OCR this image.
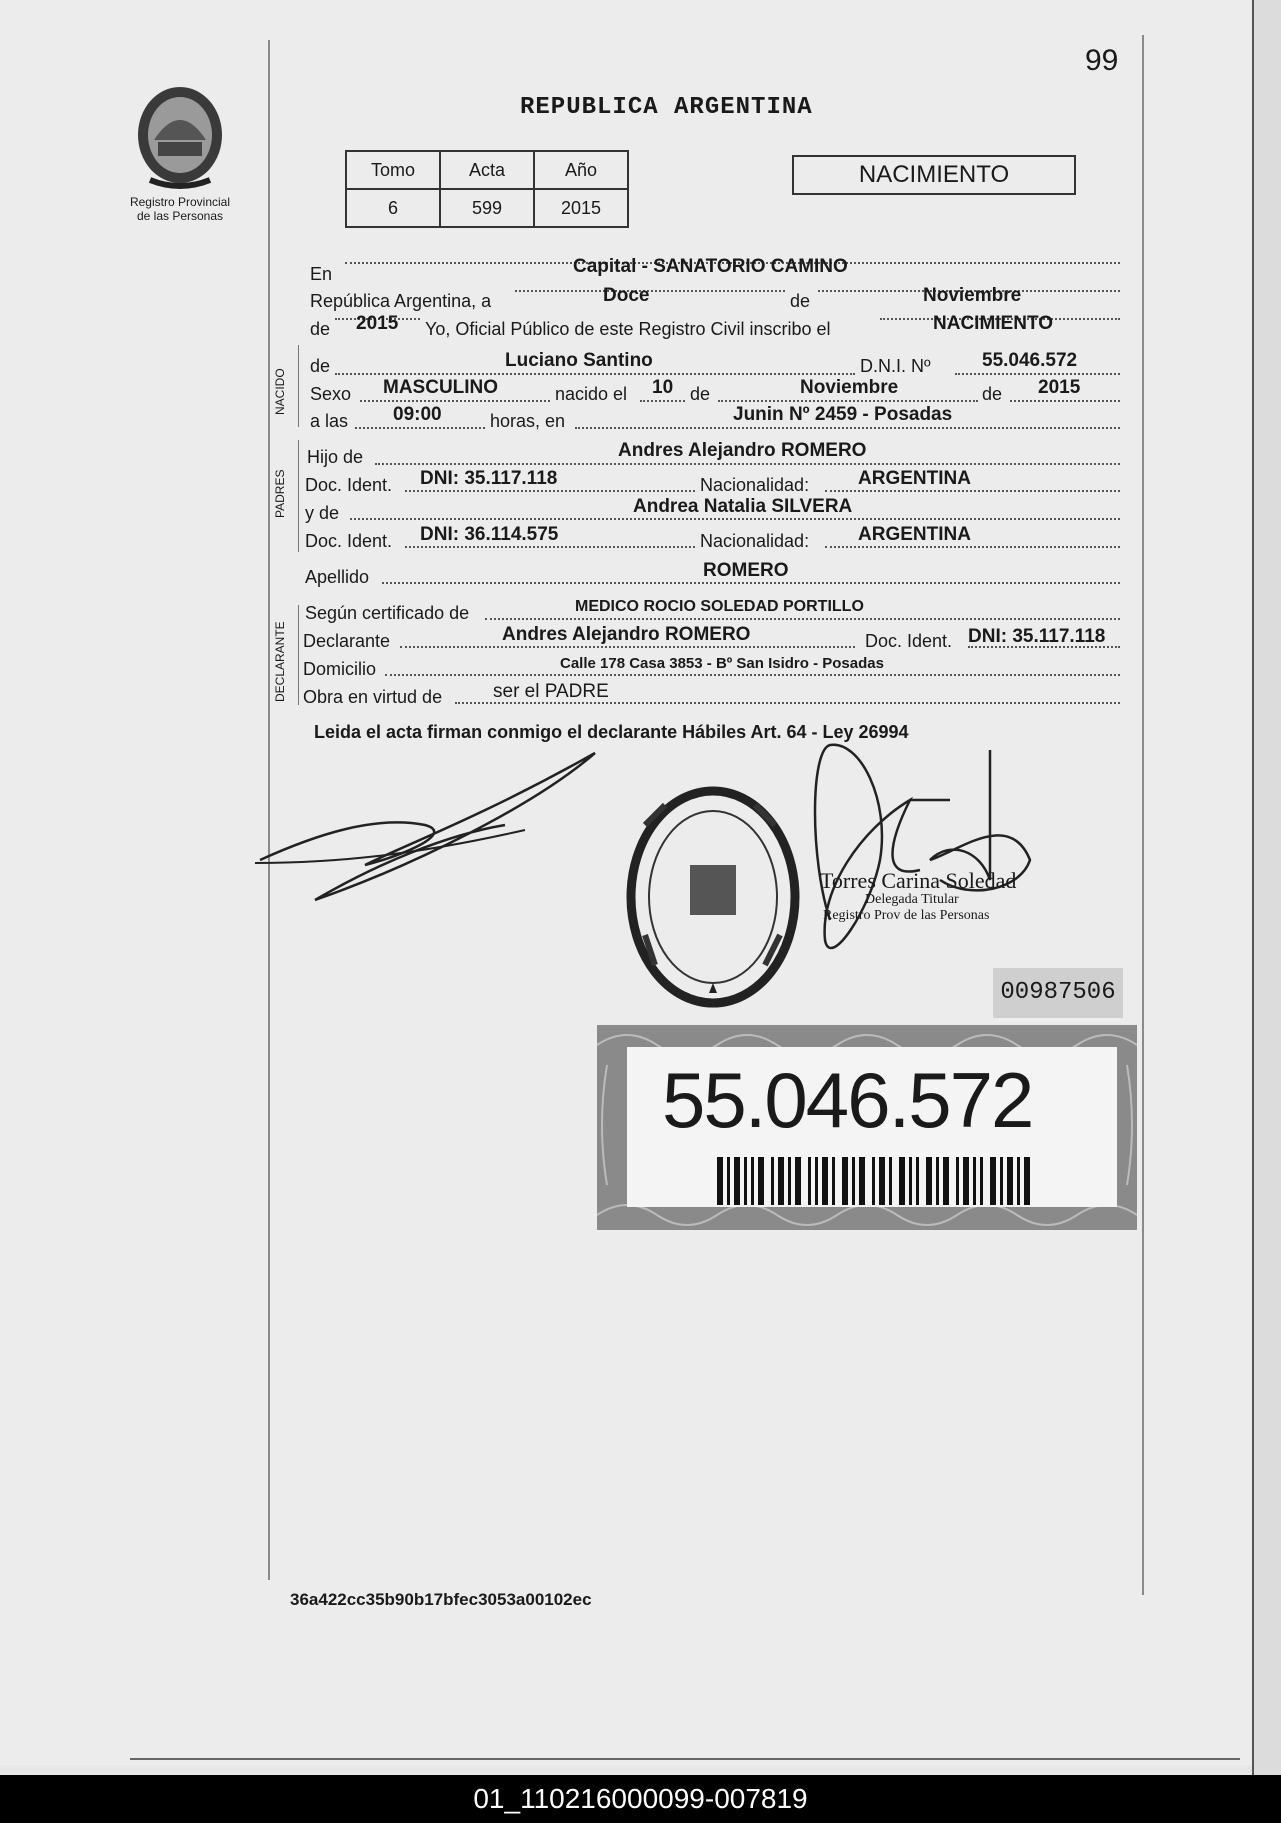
99
Registro Provincial
de las Personas
REPUBLICA ARGENTINA
Tomo	Acta	Año
6	599	2015
NACIMIENTO
En	Capital - SANATORIO CAMINO
República Argentina, a	Doce	de	Noviembre
de 2015 Yo, Oficial Público de este Registro Civil inscribo el	NACIMIENTO
NACIDO
de	Luciano Santino	D.N.I. Nº	55.046.572
Sexo MASCULINO	nacido el 10 de	Noviembre	de 2015
a las 09:00	horas, en	Junin Nº 2459 - Posadas
PADRES
Hijo de	Andres Alejandro ROMERO
Doc. Ident. DNI: 35.117.118	Nacionalidad:	ARGENTINA
y de	Andrea Natalia SILVERA
Doc. Ident. DNI: 36.114.575	Nacionalidad:	ARGENTINA
Apellido	ROMERO
DECLARANTE
Según certificado de	MEDICO ROCIO SOLEDAD PORTILLO
Declarante	Andres Alejandro ROMERO	Doc. Ident. DNI: 35.117.118
Domicilio	Calle 178 Casa 3853 - Bº San Isidro - Posadas
Obra en virtud de	ser el PADRE
Leida el acta firman conmigo el declarante Hábiles Art. 64 - Ley 26994
Torres Carina Soledad
Delegada Titular
Registro Prov de las Personas
00987506
55.046.572
36a422cc35b90b17bfec3053a00102ec
01_110216000099-007819
